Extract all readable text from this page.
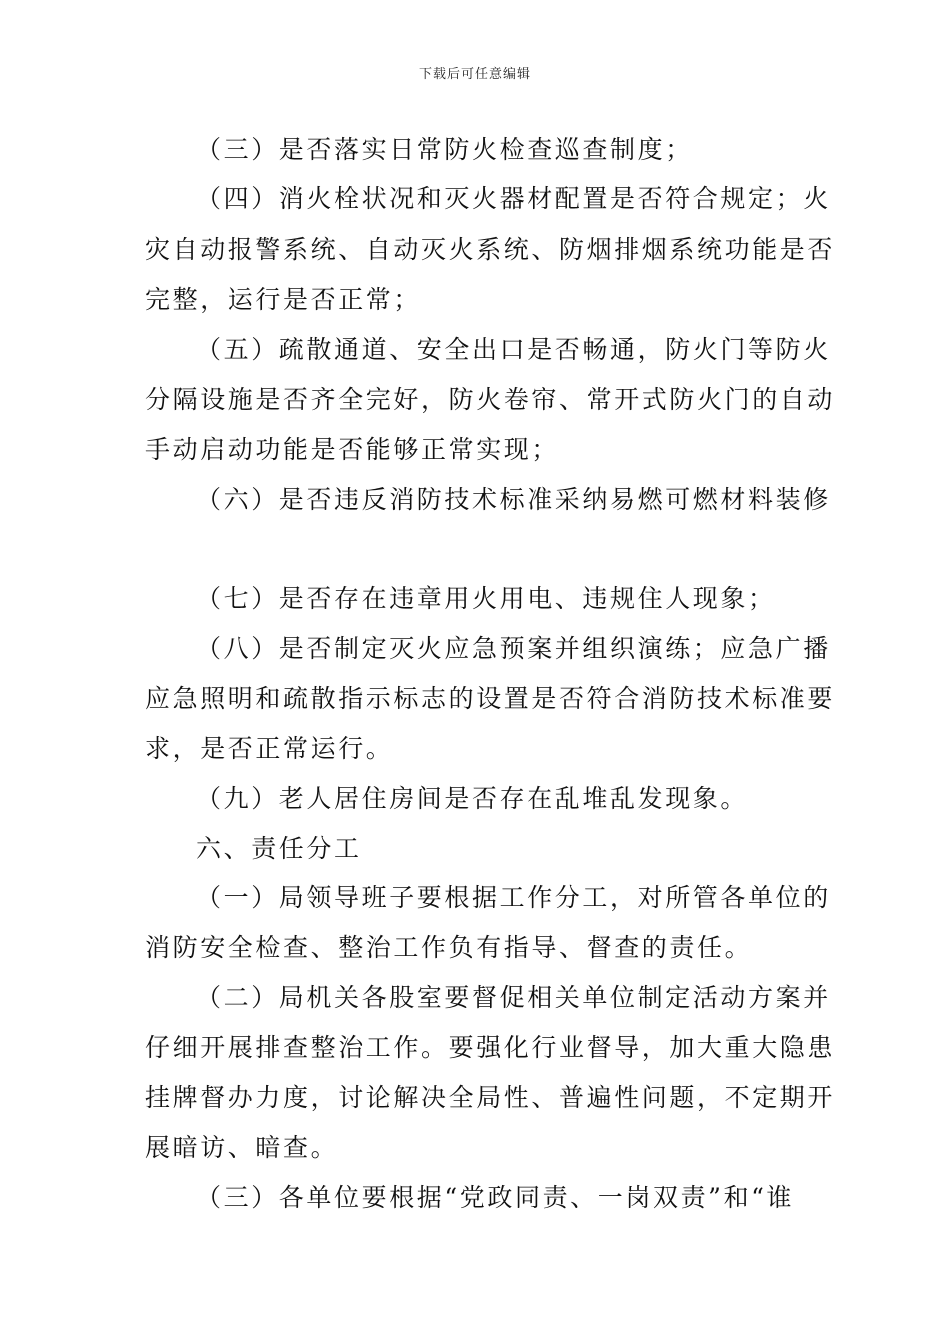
下载后可任意编辑
（三）是否落实日常防火检查巡查制度；
（四）消火栓状况和灭火器材配置是否符合规定；火
灾自动报警系统、自动灭火系统、防烟排烟系统功能是否
完整，运行是否正常；
（五）疏散通道、安全出口是否畅通，防火门等防火
分隔设施是否齐全完好，防火卷帘、常开式防火门的自动
手动启动功能是否能够正常实现；
（六）是否违反消防技术标准采纳易燃可燃材料装修
（七）是否存在违章用火用电、违规住人现象；
（八）是否制定灭火应急预案并组织演练；应急广播
应急照明和疏散指示标志的设置是否符合消防技术标准要
求，是否正常运行。
（九）老人居住房间是否存在乱堆乱发现象。
六、责任分工
（一）局领导班子要根据工作分工，对所管各单位的
消防安全检查、整治工作负有指导、督查的责任。
（二）局机关各股室要督促相关单位制定活动方案并
仔细开展排查整治工作。要强化行业督导，加大重大隐患
挂牌督办力度，讨论解决全局性、普遍性问题，不定期开
展暗访、暗查。
（三）各单位要根据“党政同责、一岗双责”和“谁
